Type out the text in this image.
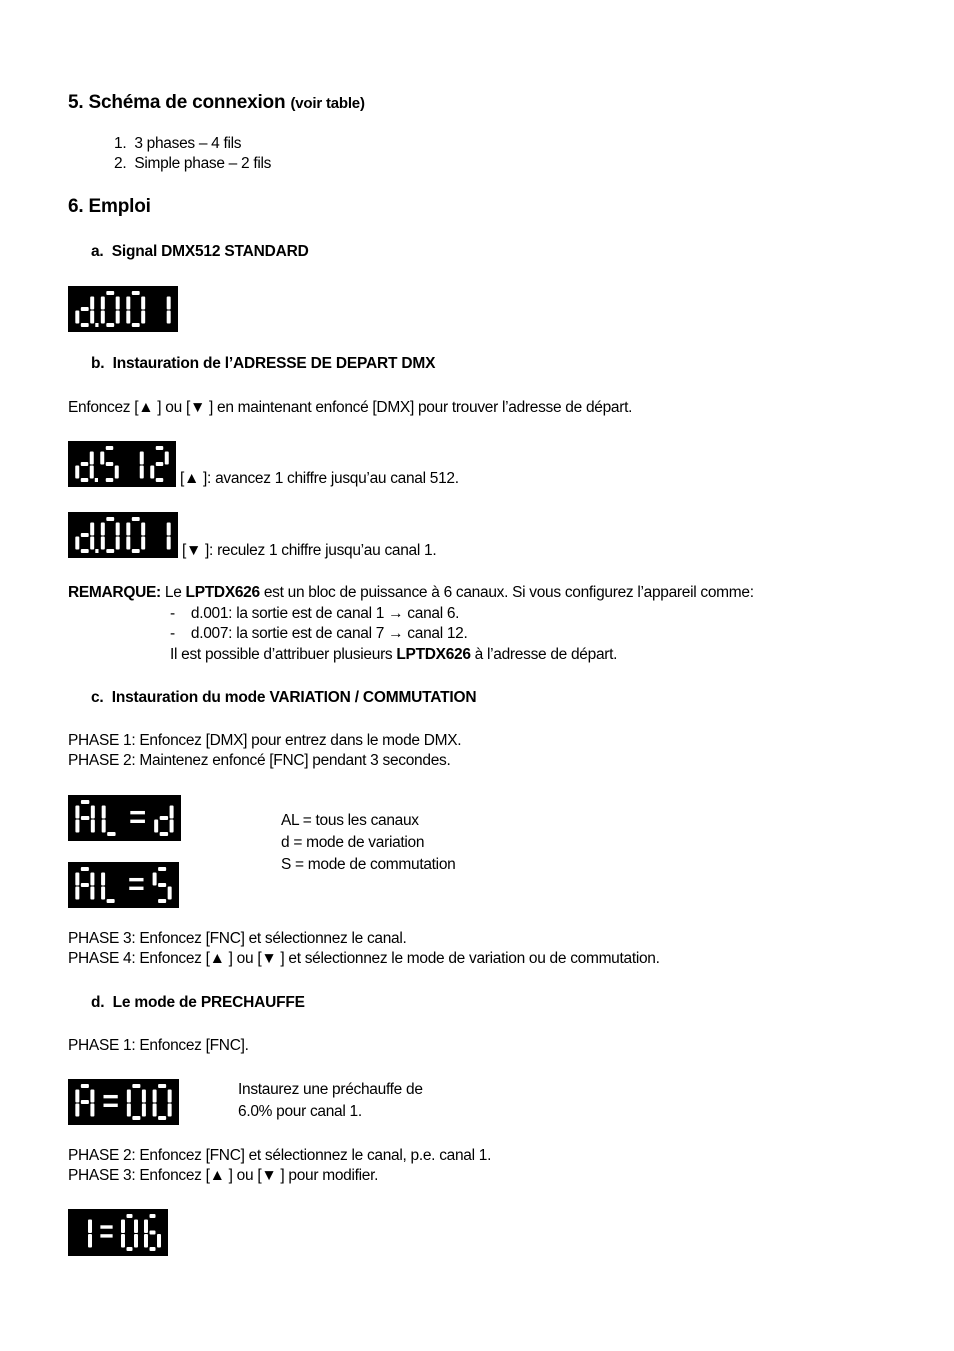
5. Schéma de connexion (voir table)
1.  3 phases – 4 fils
2.  Simple phase – 2 fils
6. Emploi
a. Signal DMX512 STANDARD
b. Instauration de l’ADRESSE DE DEPART DMX
Enfoncez [▲ ] ou [▼ ] en maintenant enfoncé [DMX] pour trouver l’adresse de départ.
[▲ ]: avancez 1 chiffre jusqu’au canal 512.
[▼ ]: reculez 1 chiffre jusqu’au canal 1.
REMARQUE: Le LPTDX626 est un bloc de puissance à 6 canaux. Si vous configurez l’appareil comme:
-    d.001: la sortie est de canal 1 → canal 6.
-    d.007: la sortie est de canal 7 → canal 12.
Il est possible d’attribuer plusieurs LPTDX626 à l’adresse de départ.
c. Instauration du mode VARIATION / COMMUTATION
PHASE 1: Enfoncez [DMX] pour entrez dans le mode DMX.
PHASE 2: Maintenez enfoncé [FNC] pendant 3 secondes.
AL = tous les canaux
d = mode de variation
S = mode de commutation
PHASE 3: Enfoncez [FNC] et sélectionnez le canal.
PHASE 4: Enfoncez [▲ ] ou [▼ ] et sélectionnez le mode de variation ou de commutation.
d. Le mode de PRECHAUFFE
PHASE 1: Enfoncez [FNC].
Instaurez une préchauffe de
6.0% pour canal 1.
PHASE 2: Enfoncez [FNC] et sélectionnez le canal, p.e. canal 1.
PHASE 3: Enfoncez [▲ ] ou [▼ ] pour modifier.
